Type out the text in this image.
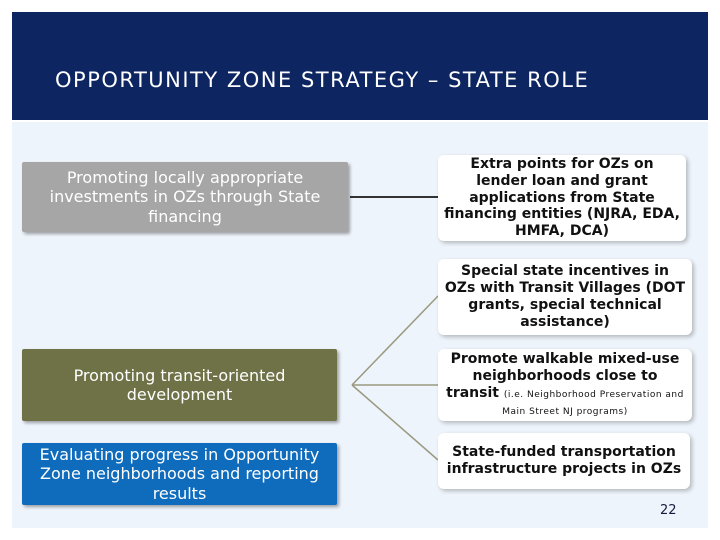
OPPORTUNITY ZONE STRATEGY – STATE ROLE
Promoting locally appropriate investments in OZs through State financing
Promoting transit-oriented development
Evaluating progress in Opportunity Zone neighborhoods and reporting results
Extra points for OZs on lender loan and grant applications from State financing entities (NJRA, EDA, HMFA, DCA)
Special state incentives in OZs with Transit Villages (DOT grants, special technical assistance)
Promote walkable mixed-use neighborhoods close to transit (i.e. Neighborhood Preservation and Main Street NJ programs)
State-funded transportation infrastructure projects in OZs
22
